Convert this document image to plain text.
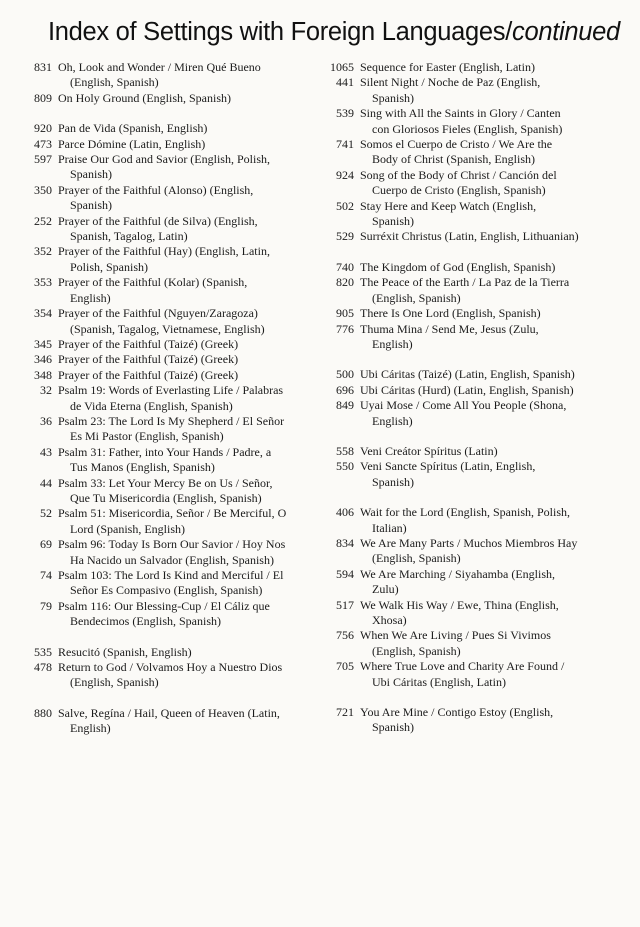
Index of Settings with Foreign Languages/continued
831 Oh, Look and Wonder / Miren Qué Bueno (English, Spanish)
809 On Holy Ground (English, Spanish)
920 Pan de Vida (Spanish, English)
473 Parce Dómine (Latin, English)
597 Praise Our God and Savior (English, Polish, Spanish)
350 Prayer of the Faithful (Alonso) (English, Spanish)
252 Prayer of the Faithful (de Silva) (English, Spanish, Tagalog, Latin)
352 Prayer of the Faithful (Hay) (English, Latin, Polish, Spanish)
353 Prayer of the Faithful (Kolar) (Spanish, English)
354 Prayer of the Faithful (Nguyen/Zaragoza) (Spanish, Tagalog, Vietnamese, English)
345 Prayer of the Faithful (Taizé) (Greek)
346 Prayer of the Faithful (Taizé) (Greek)
348 Prayer of the Faithful (Taizé) (Greek)
32 Psalm 19: Words of Everlasting Life / Palabras de Vida Eterna (English, Spanish)
36 Psalm 23: The Lord Is My Shepherd / El Señor Es Mi Pastor (English, Spanish)
43 Psalm 31: Father, into Your Hands / Padre, a Tus Manos (English, Spanish)
44 Psalm 33: Let Your Mercy Be on Us / Señor, Que Tu Misericordia (English, Spanish)
52 Psalm 51: Misericordia, Señor / Be Merciful, O Lord (Spanish, English)
69 Psalm 96: Today Is Born Our Savior / Hoy Nos Ha Nacido un Salvador (English, Spanish)
74 Psalm 103: The Lord Is Kind and Merciful / El Señor Es Compasivo (English, Spanish)
79 Psalm 116: Our Blessing-Cup / El Cáliz que Bendecimos (English, Spanish)
535 Resucitó (Spanish, English)
478 Return to God / Volvamos Hoy a Nuestro Dios (English, Spanish)
880 Salve, Regína / Hail, Queen of Heaven (Latin, English)
1065 Sequence for Easter (English, Latin)
441 Silent Night / Noche de Paz (English, Spanish)
539 Sing with All the Saints in Glory / Canten con Gloriosos Fieles (English, Spanish)
741 Somos el Cuerpo de Cristo / We Are the Body of Christ (Spanish, English)
924 Song of the Body of Christ / Canción del Cuerpo de Cristo (English, Spanish)
502 Stay Here and Keep Watch (English, Spanish)
529 Surréxit Christus (Latin, English, Lithuanian)
740 The Kingdom of God (English, Spanish)
820 The Peace of the Earth / La Paz de la Tierra (English, Spanish)
905 There Is One Lord (English, Spanish)
776 Thuma Mina / Send Me, Jesus (Zulu, English)
500 Ubi Cáritas (Taizé) (Latin, English, Spanish)
696 Ubi Cáritas (Hurd) (Latin, English, Spanish)
849 Uyai Mose / Come All You People (Shona, English)
558 Veni Creátor Spíritus (Latin)
550 Veni Sancte Spíritus (Latin, English, Spanish)
406 Wait for the Lord (English, Spanish, Polish, Italian)
834 We Are Many Parts / Muchos Miembros Hay (English, Spanish)
594 We Are Marching / Siyahamba (English, Zulu)
517 We Walk His Way / Ewe, Thina (English, Xhosa)
756 When We Are Living / Pues Si Vivimos (English, Spanish)
705 Where True Love and Charity Are Found / Ubi Cáritas (English, Latin)
721 You Are Mine / Contigo Estoy (English, Spanish)
